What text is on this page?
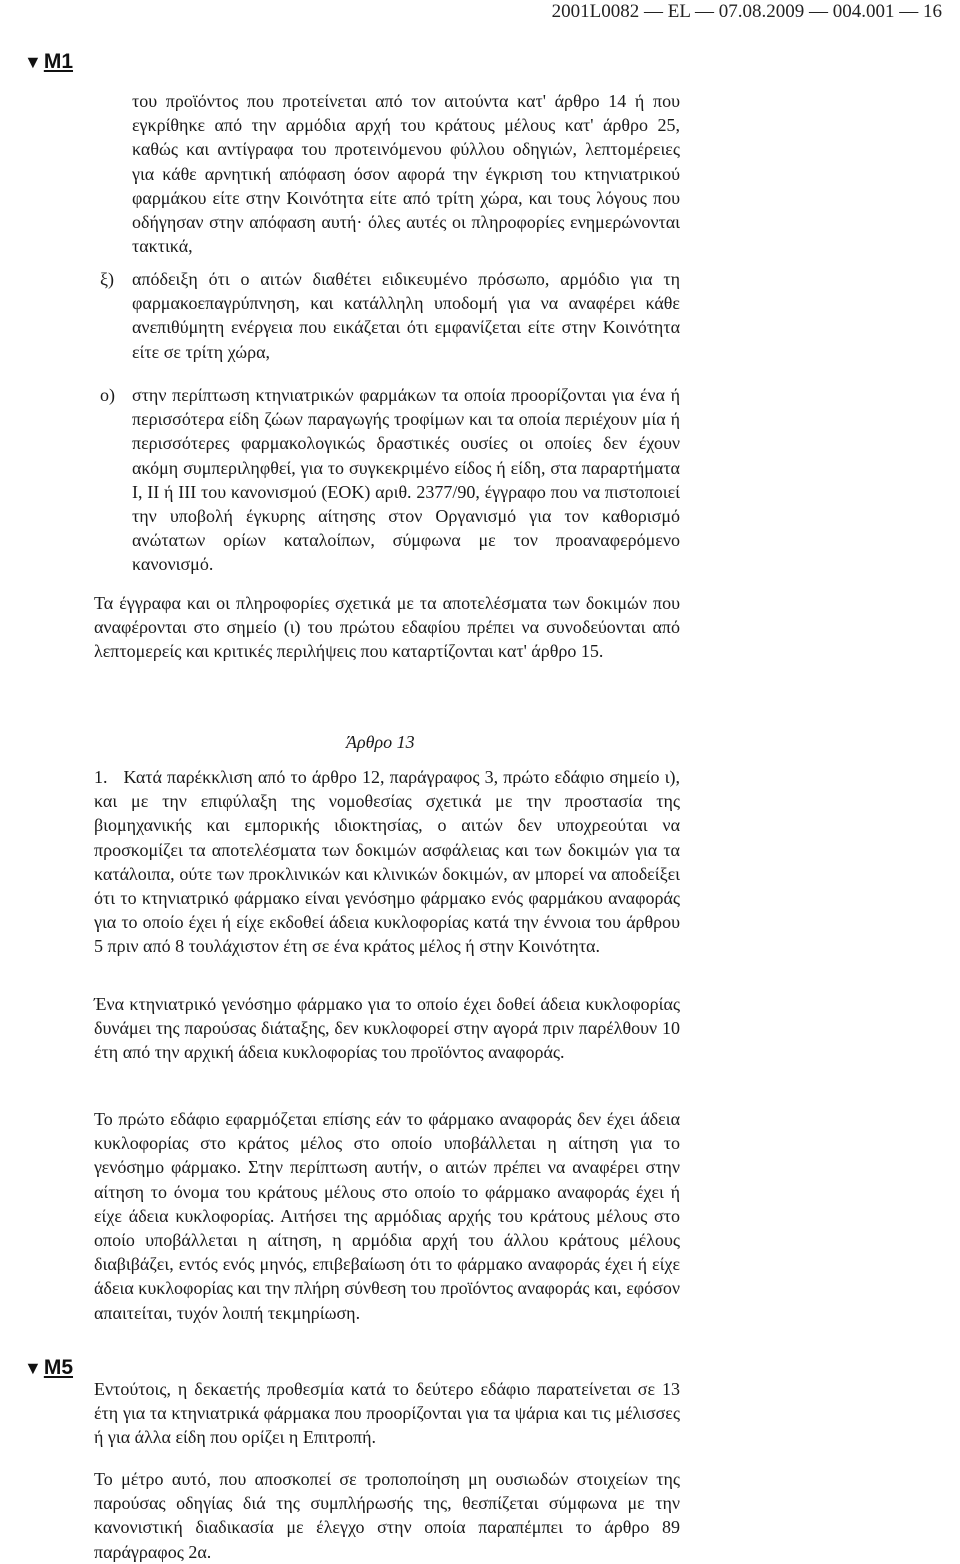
2001L0082 — EL — 07.08.2009 — 004.001 — 16
▼M1

του προϊόντος που προτείνεται από τον αιτούντα κατ' άρθρο 14 ή που εγκρίθηκε από την αρμόδια αρχή του κράτους μέλους κατ' άρθρο 25, καθώς και αντίγραφα του προτεινόμενου φύλλου οδηγιών, λεπτομέρειες για κάθε αρνητική απόφαση όσον αφορά την έγκριση του κτηνιατρικού φαρμάκου είτε στην Κοινότητα είτε από τρίτη χώρα, και τους λόγους που οδήγησαν στην απόφαση αυτή· όλες αυτές οι πληροφορίες ενημερώνονται τακτικά,

ξ) απόδειξη ότι ο αιτών διαθέτει ειδικευμένο πρόσωπο, αρμόδιο για τη φαρμακοεπαγρύπνηση, και κατάλληλη υποδομή για να αναφέρει κάθε ανεπιθύμητη ενέργεια που εικάζεται ότι εμφανίζεται είτε στην Κοινότητα είτε σε τρίτη χώρα,

ο) στην περίπτωση κτηνιατρικών φαρμάκων τα οποία προορίζονται για ένα ή περισσότερα είδη ζώων παραγωγής τροφίμων και τα οποία περιέχουν μία ή περισσότερες φαρμακολογικώς δραστικές ουσίες οι οποίες δεν έχουν ακόμη συμπεριληφθεί, για το συγκεκριμένο είδος ή είδη, στα παραρτήματα I, II ή III του κανονισμού (ΕΟΚ) αριθ. 2377/90, έγγραφο που να πιστοποιεί την υποβολή έγκυρης αίτησης στον Οργανισμό για τον καθορισμό ανώτατων ορίων καταλοίπων, σύμφωνα με τον προαναφερόμενο κανονισμό.

Τα έγγραφα και οι πληροφορίες σχετικά με τα αποτελέσματα των δοκιμών που αναφέρονται στο σημείο (ι) του πρώτου εδαφίου πρέπει να συνοδεύονται από λεπτομερείς και κριτικές περιλήψεις που καταρτίζονται κατ' άρθρο 15.

Άρθρο 13

1. Κατά παρέκκλιση από το άρθρο 12, παράγραφος 3, πρώτο εδάφιο σημείο ι), και με την επιφύλαξη της νομοθεσίας σχετικά με την προστασία της βιομηχανικής και εμπορικής ιδιοκτησίας, ο αιτών δεν υποχρεούται να προσκομίζει τα αποτελέσματα των δοκιμών ασφάλειας και των δοκιμών για τα κατάλοιπα, ούτε των προκλινικών και κλινικών δοκιμών, αν μπορεί να αποδείξει ότι το κτηνιατρικό φάρμακο είναι γενόσημο φάρμακο ενός φαρμάκου αναφοράς για το οποίο έχει ή είχε εκδοθεί άδεια κυκλοφορίας κατά την έννοια του άρθρου 5 πριν από 8 τουλάχιστον έτη σε ένα κράτος μέλος ή στην Κοινότητα.

Ένα κτηνιατρικό γενόσημο φάρμακο για το οποίο έχει δοθεί άδεια κυκλοφορίας δυνάμει της παρούσας διάταξης, δεν κυκλοφορεί στην αγορά πριν παρέλθουν 10 έτη από την αρχική άδεια κυκλοφορίας του προϊόντος αναφοράς.

Το πρώτο εδάφιο εφαρμόζεται επίσης εάν το φάρμακο αναφοράς δεν έχει άδεια κυκλοφορίας στο κράτος μέλος στο οποίο υποβάλλεται η αίτηση για το γενόσημο φάρμακο. Στην περίπτωση αυτήν, ο αιτών πρέπει να αναφέρει στην αίτηση το όνομα του κράτους μέλους στο οποίο το φάρμακο αναφοράς έχει ή είχε άδεια κυκλοφορίας. Αιτήσει της αρμόδιας αρχής του κράτους μέλους στο οποίο υποβάλλεται η αίτηση, η αρμόδια αρχή του άλλου κράτους μέλους διαβιβάζει, εντός ενός μηνός, επιβεβαίωση ότι το φάρμακο αναφοράς έχει ή είχε άδεια κυκλοφορίας και την πλήρη σύνθεση του προϊόντος αναφοράς και, εφόσον απαιτείται, τυχόν λοιπή τεκμηρίωση.

▼M5

Εντούτοις, η δεκαετής προθεσμία κατά το δεύτερο εδάφιο παρατείνεται σε 13 έτη για τα κτηνιατρικά φάρμακα που προορίζονται για τα ψάρια και τις μέλισσες ή για άλλα είδη που ορίζει η Επιτροπή.

Το μέτρο αυτό, που αποσκοπεί σε τροποποίηση μη ουσιωδών στοιχείων της παρούσας οδηγίας διά της συμπλήρωσής της, θεσπίζεται σύμφωνα με την κανονιστική διαδικασία με έλεγχο στην οποία παραπέμπει το άρθρο 89 παράγραφος 2α.
